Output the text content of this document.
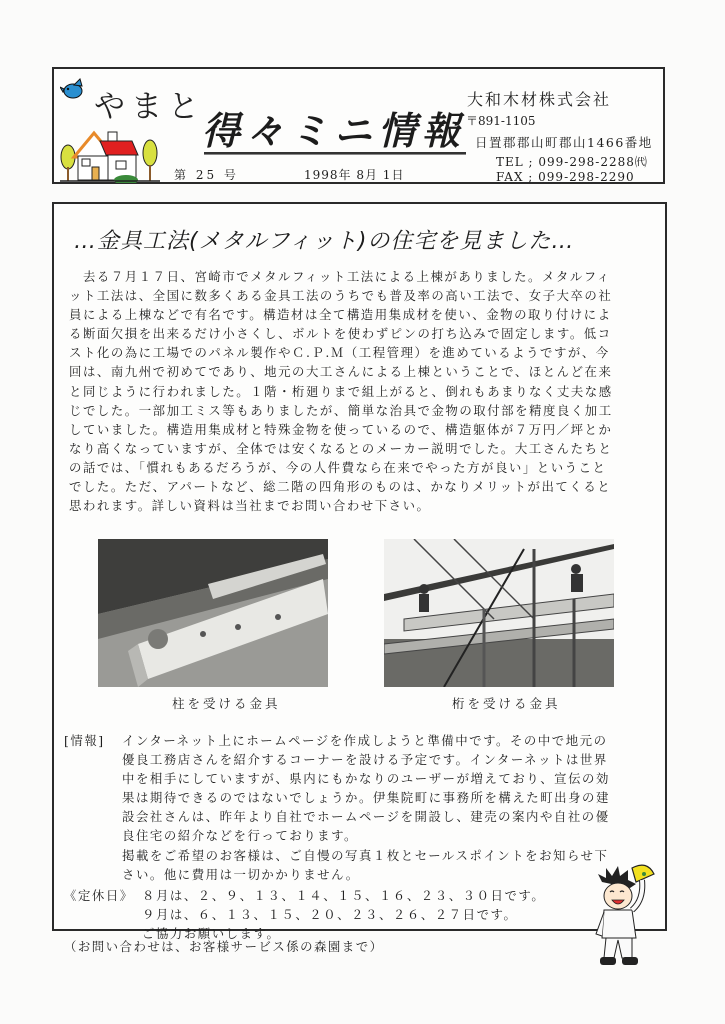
やまと
得々ミニ情報
第 25 号	1998年 8月 1日
大和木材株式会社
〒891-1105
日置郡郡山町郡山1466番地
TEL ; 099-298-2288㈹
FAX ; 099-298-2290
…金具工法(メタルフィット)の住宅を見ました…

　去る７月１７日、宮崎市でメタルフィット工法による上棟がありました。メタルフィ

ット工法は、全国に数多くある金具工法のうちでも普及率の高い工法で、女子大卒の社

員による上棟などで有名です。構造材は全て構造用集成材を使い、金物の取り付けによ

る断面欠損を出来るだけ小さくし、ボルトを使わずピンの打ち込みで固定します。低コ

スト化の為に工場でのパネル製作やＣ.Ｐ.Ｍ（工程管理）を進めているようですが、今

回は、南九州で初めてであり、地元の大工さんによる上棟ということで、ほとんど在来

と同じように行われました。１階・桁廻りまで組上がると、倒れもあまりなく丈夫な感

じでした。一部加工ミス等もありましたが、簡単な治具で金物の取付部を精度良く加工

していました。構造用集成材と特殊金物を使っているので、構造躯体が７万円／坪とか

なり高くなっていますが、全体では安くなるとのメーカー説明でした。大工さんたちと

の話では、「慣れもあるだろうが、今の人件費なら在来でやった方が良い」ということ

でした。ただ、アパートなど、総二階の四角形のものは、かなりメリットが出てくると

思われます。詳しい資料は当社までお問い合わせ下さい。

柱を受ける金具	桁を受ける金具
[情報] インターネット上にホームページを作成しようと準備中です。その中で地元の
優良工務店さんを紹介するコーナーを設ける予定です。インターネットは世界
中を相手にしていますが、県内にもかなりのユーザーが増えており、宣伝の効
果は期待できるのではないでしょうか。伊集院町に事務所を構えた町出身の建
設会社さんは、昨年より自社でホームページを開設し、建売の案内や自社の優
良住宅の紹介などを行っております。
掲載をご希望のお客様は、ご自慢の写真１枚とセールスポイントをお知らせ下
さい。他に費用は一切かかりません。
《定休日》 ８月は、２、９、１３、１４、１５、１６、２３、３０日です。
９月は、６、１３、１５、２０、２３、２６、２７日です。
ご協力お願いします。
（お問い合わせは、お客様サービス係の森園まで）
